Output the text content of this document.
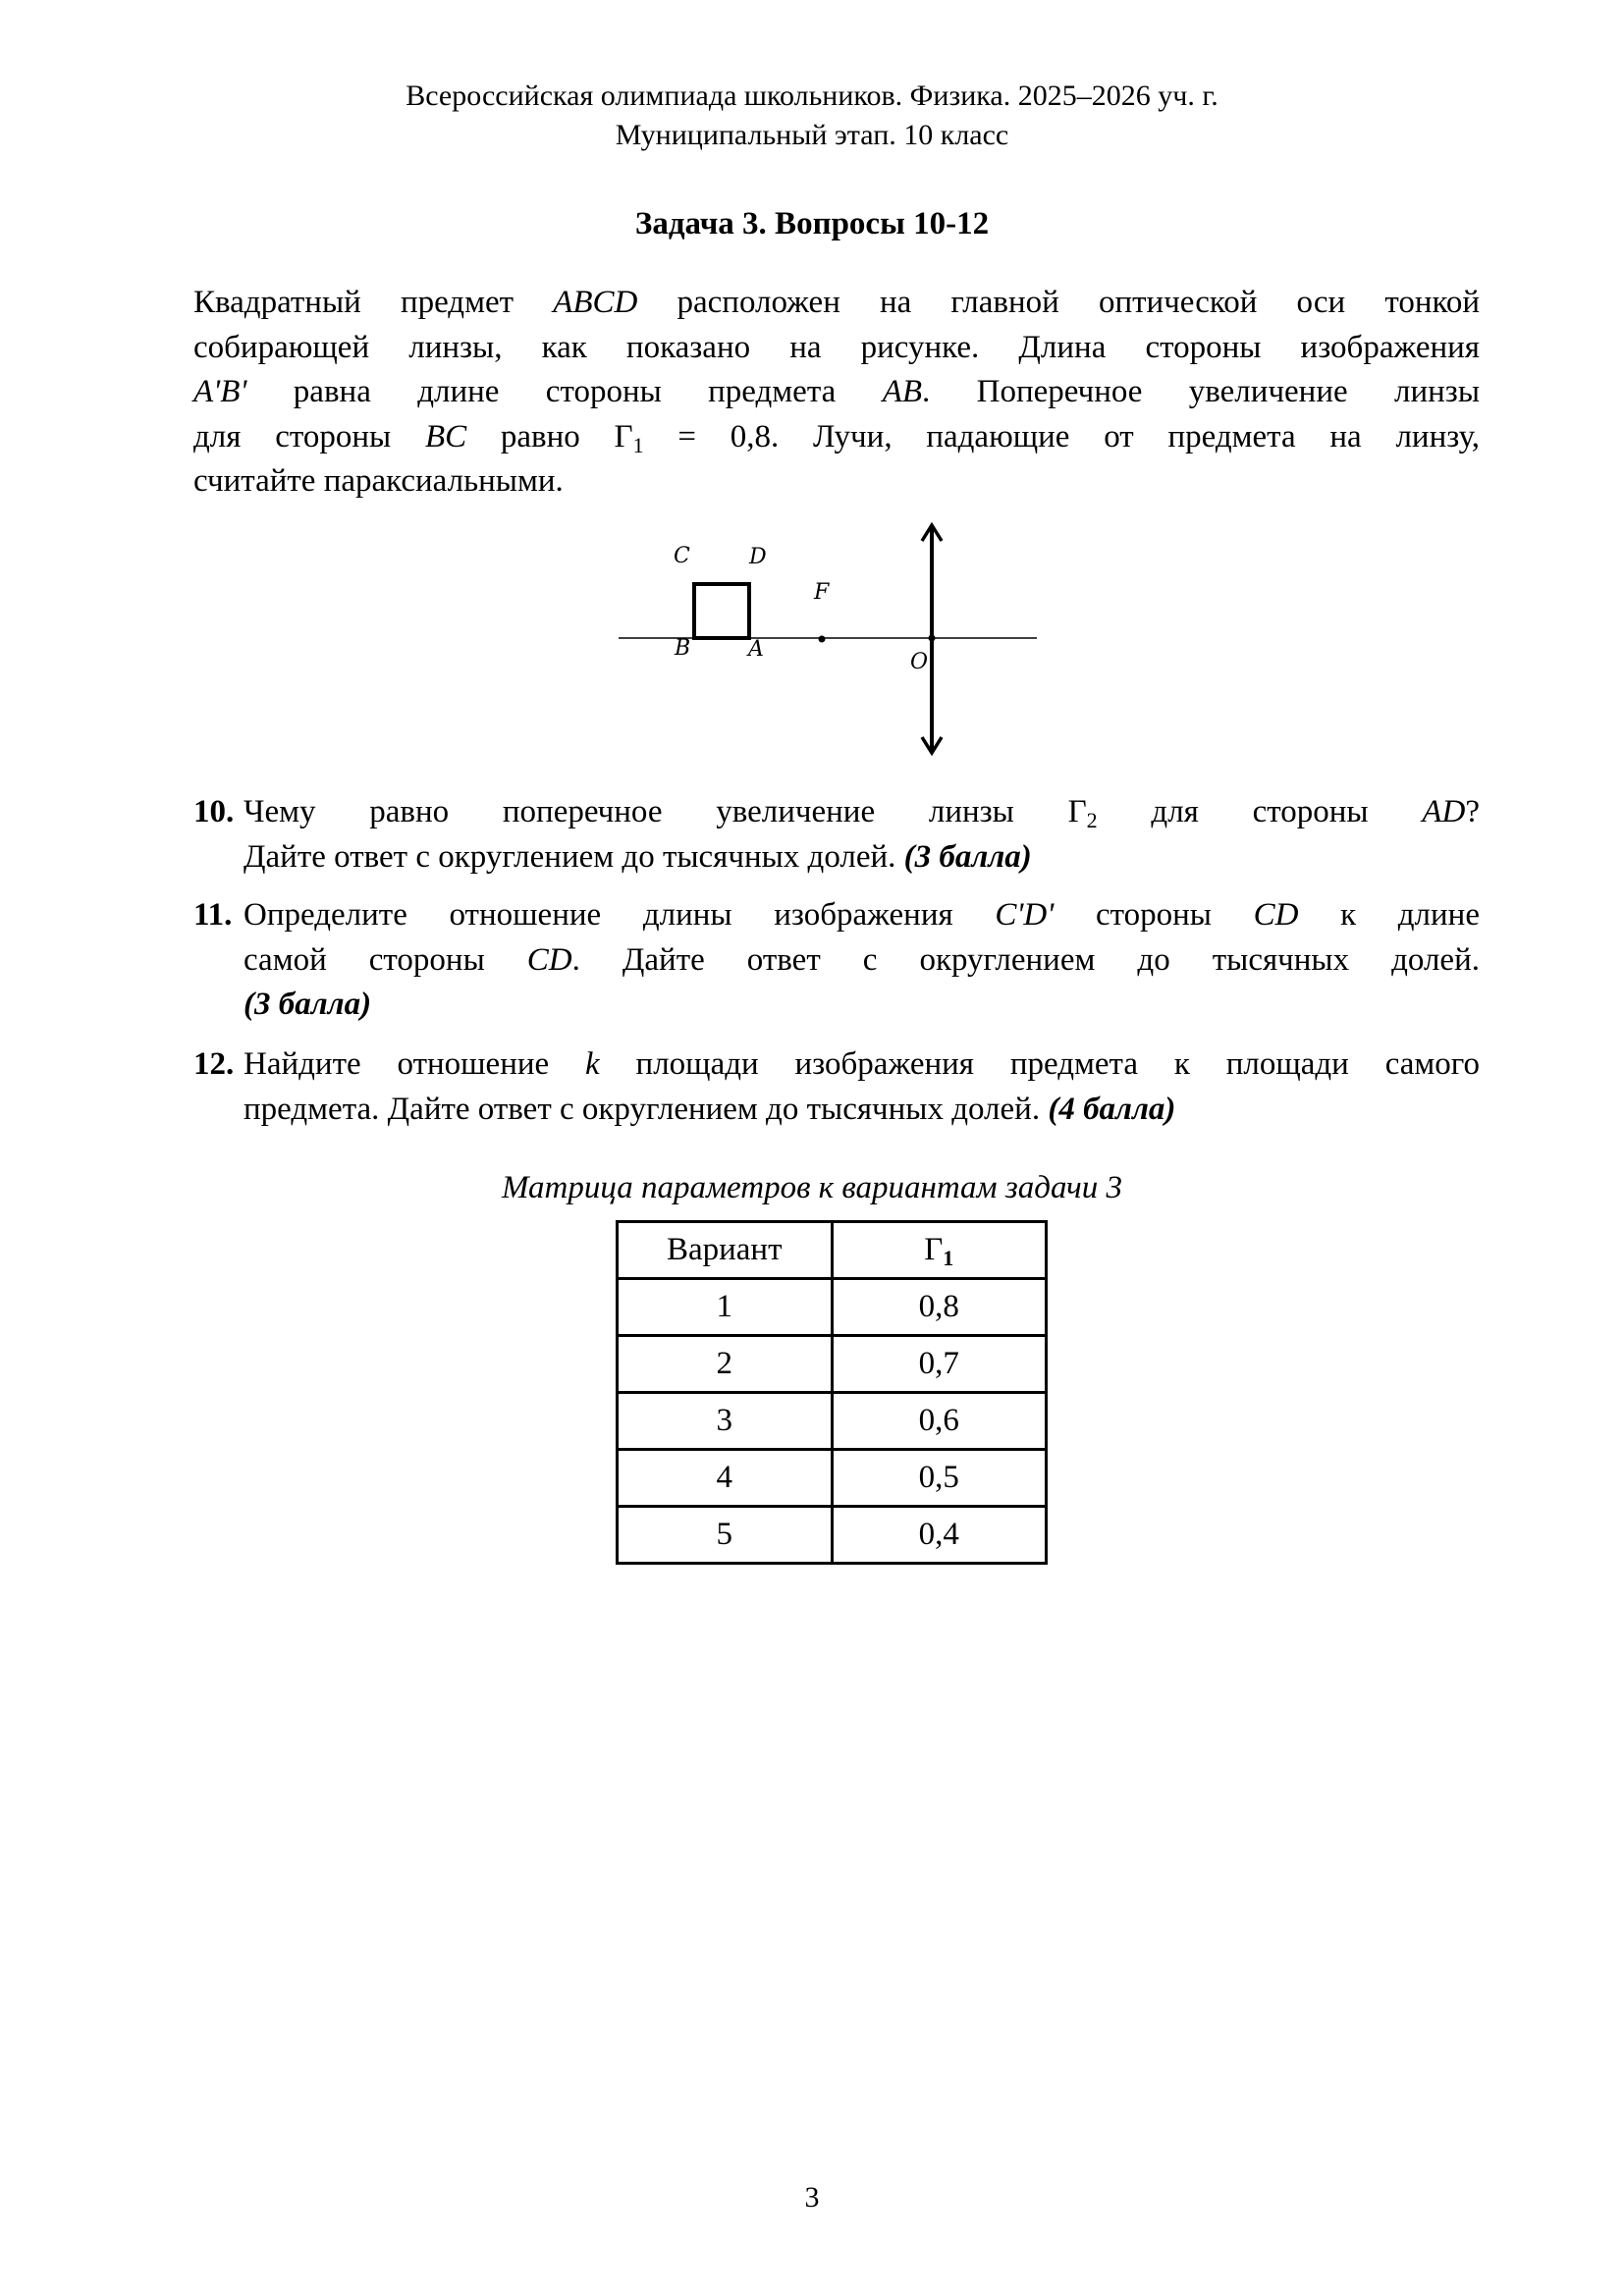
Всероссийская олимпиада школьников. Физика. 2025–2026 уч. г.
Муниципальный этап. 10 класс
Задача 3. Вопросы 10-12
Квадратный предмет ABCD расположен на главной оптической оси тонкой
собирающей линзы, как показано на рисунке. Длина стороны изображения
A'B' равна длине стороны предмета AB. Поперечное увеличение линзы
для стороны BC равно $\Gamma_1 = 0,8$. Лучи, падающие от предмета на линзу,
считайте параксиальными.
C	D
F
B	A
O
10. Чему равно поперечное увеличение линзы $\Gamma_2$ для стороны AD?
Дайте ответ с округлением до тысячных долей. (3 балла)
11. Определите отношение длины изображения C'D' стороны CD к длине
самой стороны CD. Дайте ответ с округлением до тысячных долей.
(3 балла)
12. Найдите отношение k площади изображения предмета к площади самого
предмета. Дайте ответ с округлением до тысячных долей. (4 балла)
Матрица параметров к вариантам задачи 3
Вариант	$\Gamma_1$
1	0,8
2	0,7
3	0,6
4	0,5
5	0,4
3
